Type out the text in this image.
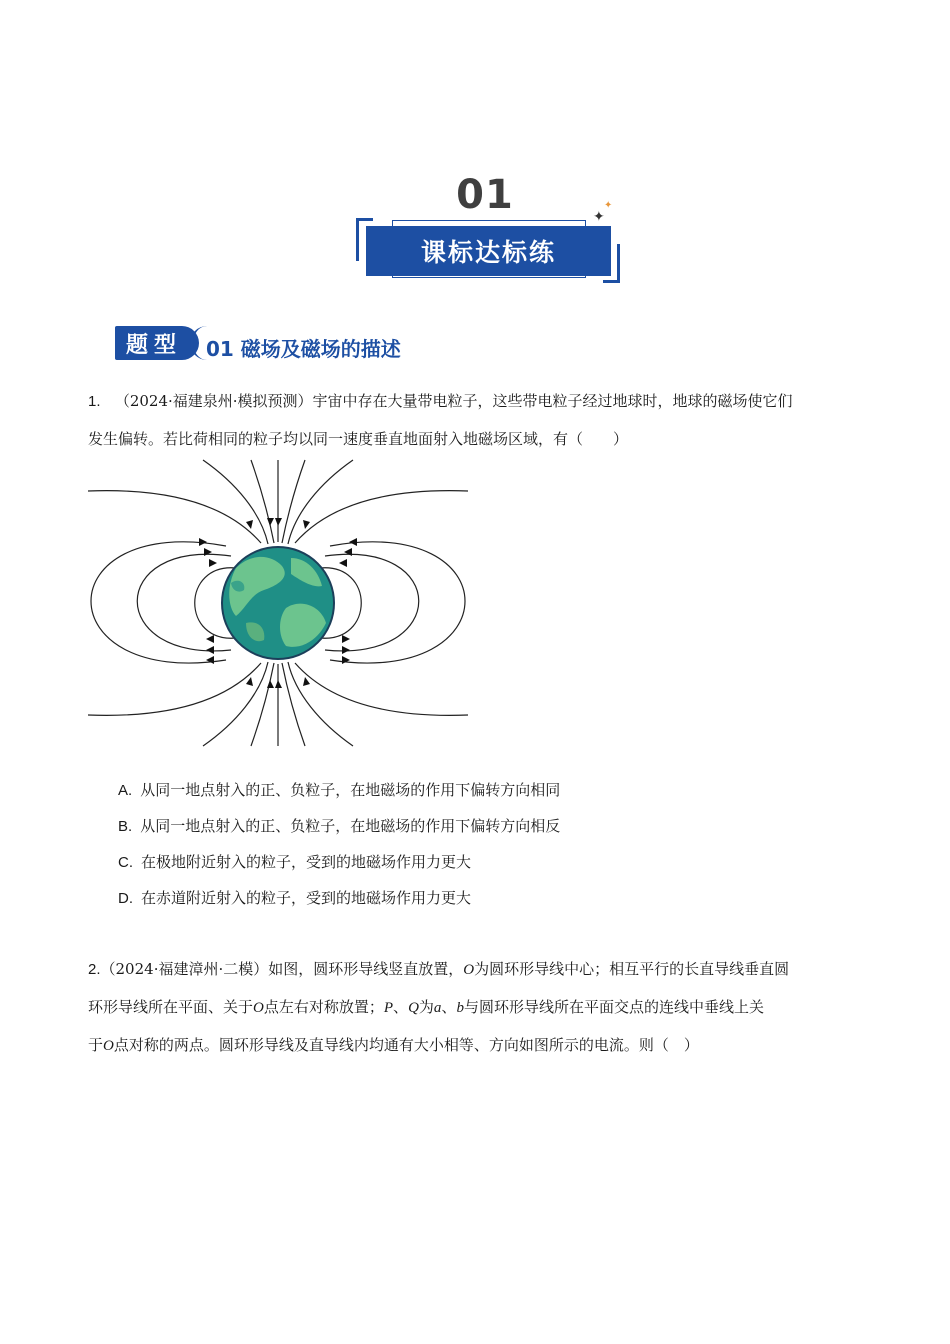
01
课标达标练
✦
✦
题型	01 磁场及磁场的描述
1. （2024·福建泉州·模拟预测）宇宙中存在大量带电粒子，这些带电粒子经过地球时，地球的磁场使它们
发生偏转。若比荷相同的粒子均以同一速度垂直地面射入地磁场区域，有（　　）
A. 从同一地点射入的正、负粒子，在地磁场的作用下偏转方向相同
B. 从同一地点射入的正、负粒子，在地磁场的作用下偏转方向相反
C. 在极地附近射入的粒子，受到的地磁场作用力更大
D. 在赤道附近射入的粒子，受到的地磁场作用力更大
2.（2024·福建漳州·二模）如图，圆环形导线竖直放置，O为圆环形导线中心；相互平行的长直导线垂直圆
环形导线所在平面、关于O点左右对称放置；P、Q为a、b与圆环形导线所在平面交点的连线中垂线上关
于O点对称的两点。圆环形导线及直导线内均通有大小相等、方向如图所示的电流。则（　）
